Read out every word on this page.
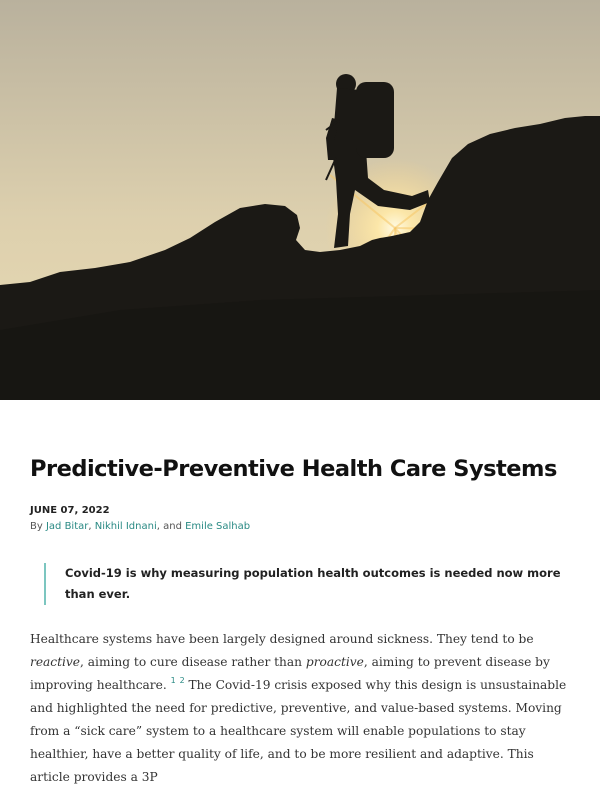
Predictive-Preventive Health Care Systems
JUNE 07, 2022
By Jad Bitar, Nikhil Idnani, and Emile Salhab

Covid-19 is why measuring population health outcomes is needed now more than ever.

Healthcare systems have been largely designed around sickness. They tend to be reactive, aiming to cure disease rather than proactive, aiming to prevent disease by improving healthcare. $^1$ $^2$ The Covid-19 crisis exposed why this design is unsustainable and highlighted the need for predictive, preventive, and value-based systems. Moving from a “sick care” system to a healthcare system will enable populations to stay healthier, have a better quality of life, and to be more resilient and adaptive. This article provides a 3P
